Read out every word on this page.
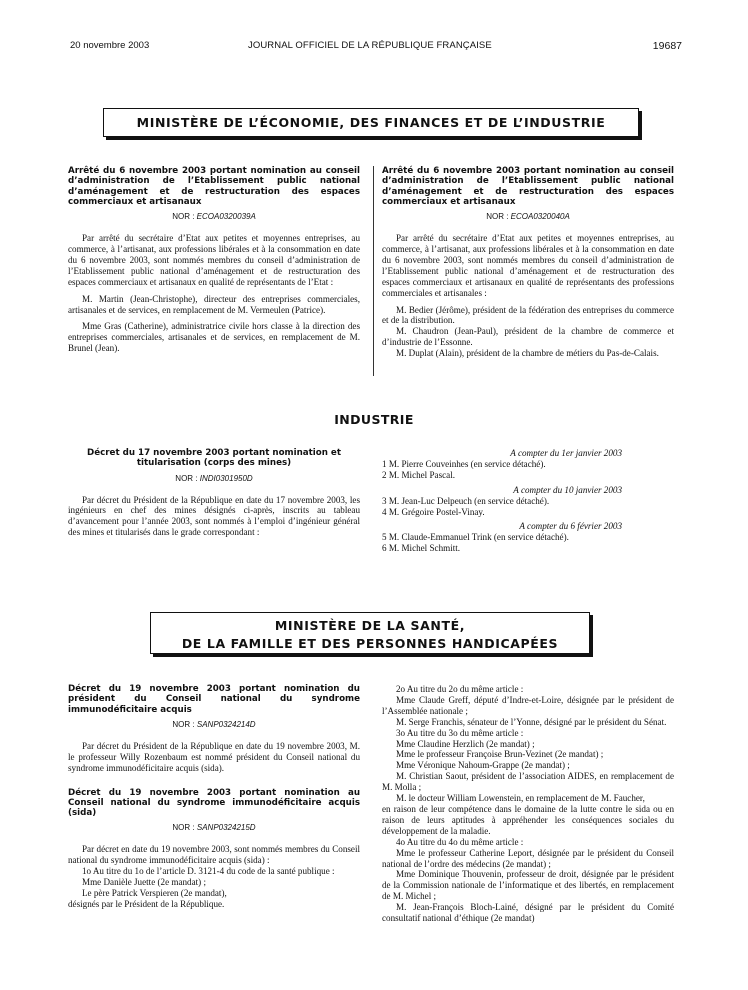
20 novembre 2003	JOURNAL OFFICIEL DE LA RÉPUBLIQUE FRANÇAISE	19687
MINISTÈRE DE L’ÉCONOMIE, DES FINANCES ET DE L’INDUSTRIE
Arrêté du 6 novembre 2003 portant nomination au conseil d’administration de l’Etablissement public national d’aménagement et de restructuration des espaces commerciaux et artisanaux
NOR : ECOA0320039A

Par arrêté du secrétaire d’Etat aux petites et moyennes entreprises, au commerce, à l’artisanat, aux professions libérales et à la consommation en date du 6 novembre 2003, sont nommés membres du conseil d’administration de l’Etablissement public national d’aménagement et de restructuration des espaces commerciaux et artisanaux en qualité de représentants de l’Etat :

M. Martin (Jean-Christophe), directeur des entreprises commerciales, artisanales et de services, en remplacement de M. Vermeulen (Patrice).

Mme Gras (Catherine), administratrice civile hors classe à la direction des entreprises commerciales, artisanales et de services, en remplacement de M. Brunel (Jean).

Arrêté du 6 novembre 2003 portant nomination au conseil d’administration de l’Etablissement public national d’aménagement et de restructuration des espaces commerciaux et artisanaux
NOR : ECOA0320040A

Par arrêté du secrétaire d’Etat aux petites et moyennes entreprises, au commerce, à l’artisanat, aux professions libérales et à la consommation en date du 6 novembre 2003, sont nommés membres du conseil d’administration de l’Etablissement public national d’aménagement et de restructuration des espaces commerciaux et artisanaux en qualité de représentants des professions commerciales et artisanales :

M. Bedier (Jérôme), président de la fédération des entreprises du commerce et de la distribution.

M. Chaudron (Jean-Paul), président de la chambre de commerce et d’industrie de l’Essonne.

M. Duplat (Alain), président de la chambre de métiers du Pas-de-Calais.

INDUSTRIE
Décret du 17 novembre 2003 portant nomination et titularisation (corps des mines)
NOR : INDI0301950D

Par décret du Président de la République en date du 17 novembre 2003, les ingénieurs en chef des mines désignés ci-après, inscrits au tableau d’avancement pour l’année 2003, sont nommés à l’emploi d’ingénieur général des mines et titularisés dans le grade correspondant :

A compter du 1er janvier 2003

1 M. Pierre Couveinhes (en service détaché).

2 M. Michel Pascal.

A compter du 10 janvier 2003

3 M. Jean-Luc Delpeuch (en service détaché).

4 M. Grégoire Postel-Vinay.

A compter du 6 février 2003

5 M. Claude-Emmanuel Trink (en service détaché).

6 M. Michel Schmitt.

MINISTÈRE DE LA SANTÉ,
DE LA FAMILLE ET DES PERSONNES HANDICAPÉES
Décret du 19 novembre 2003 portant nomination du président du Conseil national du syndrome immunodéficitaire acquis
NOR : SANP0324214D

Par décret du Président de la République en date du 19 novembre 2003, M. le professeur Willy Rozenbaum est nommé président du Conseil national du syndrome immunodéficitaire acquis (sida).

Décret du 19 novembre 2003 portant nomination au Conseil national du syndrome immunodéficitaire acquis (sida)
NOR : SANP0324215D

Par décret en date du 19 novembre 2003, sont nommés membres du Conseil national du syndrome immunodéficitaire acquis (sida) :

1o Au titre du 1o de l’article D. 3121-4 du code de la santé publique :

Mme Danièle Juette (2e mandat) ;

Le père Patrick Verspieren (2e mandat),

désignés par le Président de la République.

2o Au titre du 2o du même article :

Mme Claude Greff, député d’Indre-et-Loire, désignée par le président de l’Assemblée nationale ;

M. Serge Franchis, sénateur de l’Yonne, désigné par le président du Sénat.

3o Au titre du 3o du même article :

Mme Claudine Herzlich (2e mandat) ;

Mme le professeur Françoise Brun-Vezinet (2e mandat) ;

Mme Véronique Nahoum-Grappe (2e mandat) ;

M. Christian Saout, président de l’association AIDES, en remplacement de M. Molla ;

M. le docteur William Lowenstein, en remplacement de M. Faucher,

en raison de leur compétence dans le domaine de la lutte contre le sida ou en raison de leurs aptitudes à appréhender les conséquences sociales du développement de la maladie.

4o Au titre du 4o du même article :

Mme le professeur Catherine Leport, désignée par le président du Conseil national de l’ordre des médecins (2e mandat) ;

Mme Dominique Thouvenin, professeur de droit, désignée par le président de la Commission nationale de l’informatique et des libertés, en remplacement de M. Michel ;

M. Jean-François Bloch-Lainé, désigné par le président du Comité consultatif national d’éthique (2e mandat)
